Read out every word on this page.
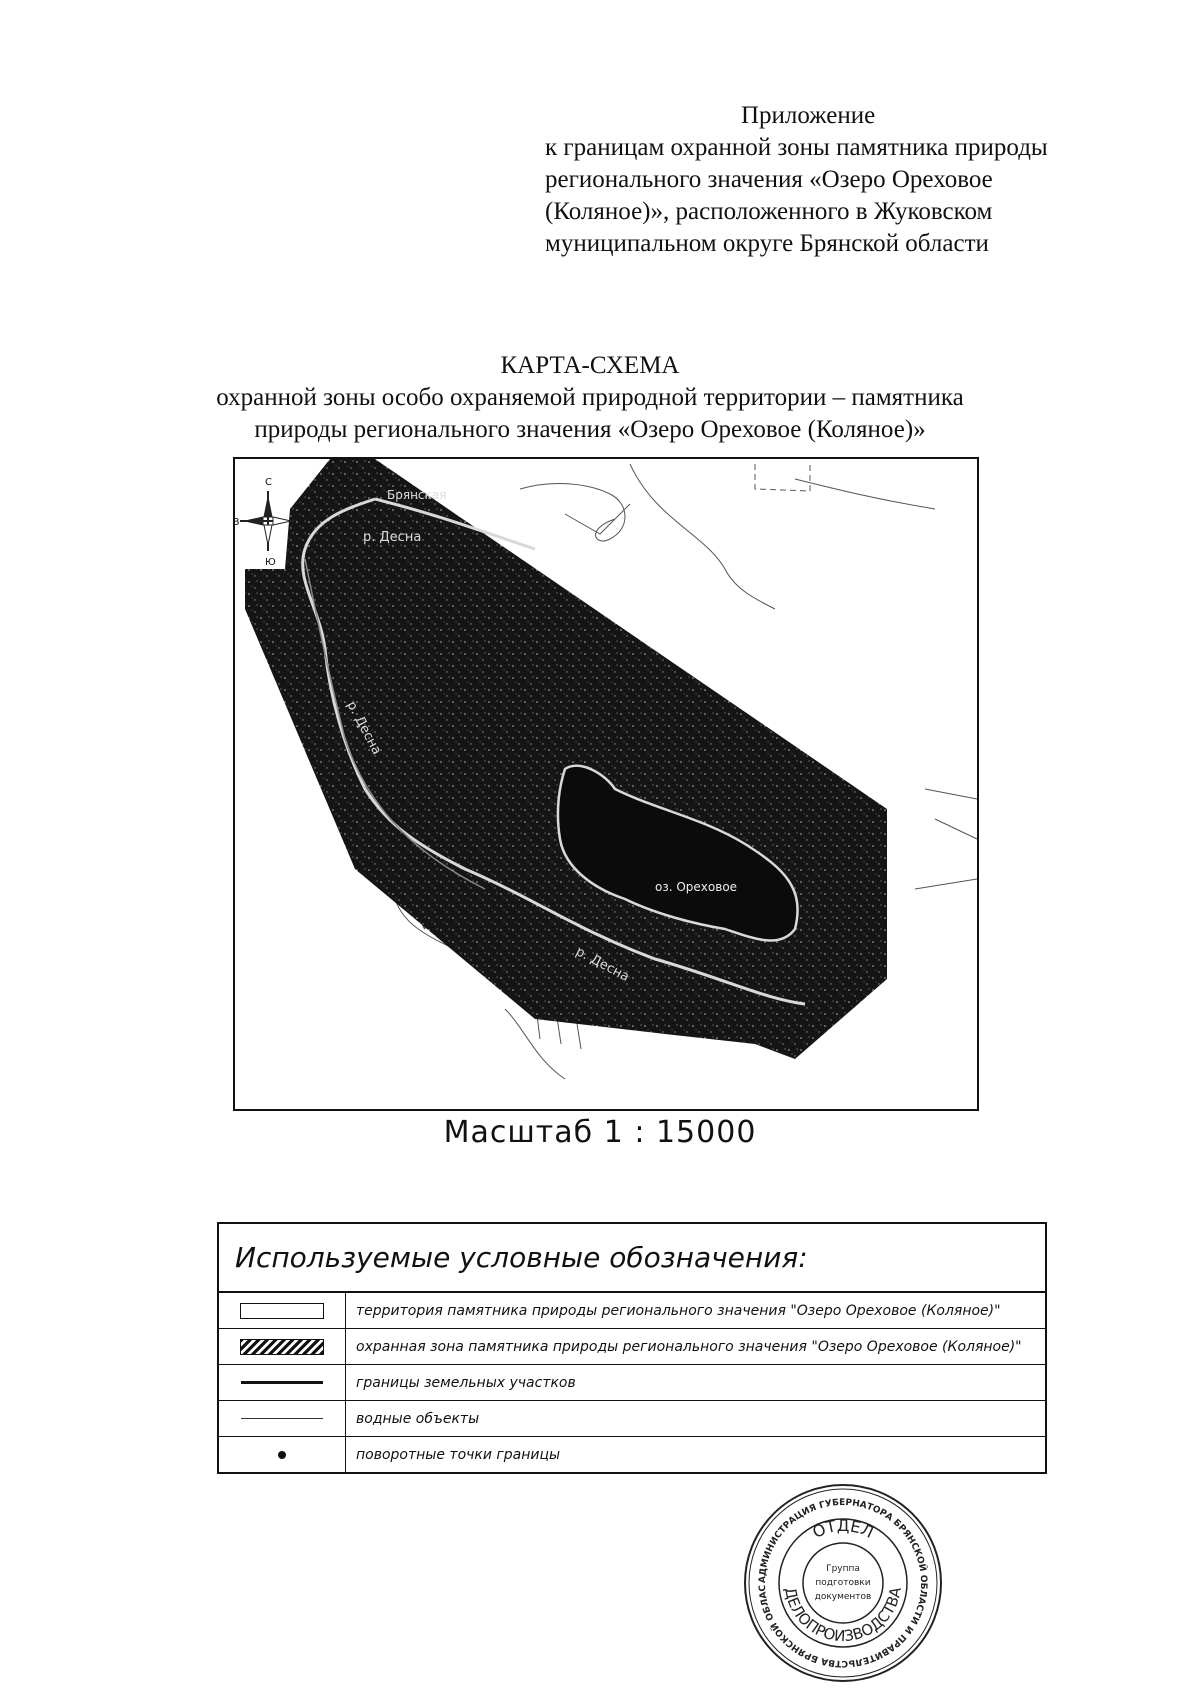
Приложение
к границам охранной зоны памятника природы
регионального значения «Озеро Ореховое
(Коляное)», расположенного в Жуковском
муниципальном округе Брянской области
КАРТА-СХЕМА
охранной зоны особо охраняемой природной территории – памятника
природы регионального значения «Озеро Ореховое (Коляное)»
С
Ю
З	В
Брянская
р. Десна
р. Десна
р. Десна
оз. Ореховое
Масштаб 1 : 15000
Используемые условные обозначения:
территория памятника природы регионального значения "Озеро Ореховое (Коляное)"
охранная зона памятника природы регионального значения "Озеро Ореховое (Коляное)"
границы земельных участков
водные объекты
поворотные точки границы
АДМИНИСТРАЦИЯ ГУБЕРНАТОРА БРЯНСКОЙ ОБЛАСТИ И ПРАВИТЕЛЬСТВА БРЯНСКОЙ ОБЛАС
ОТДЕЛ
ДЕЛОПРОИЗВОДСТВА
Группа
подготовки
документов
